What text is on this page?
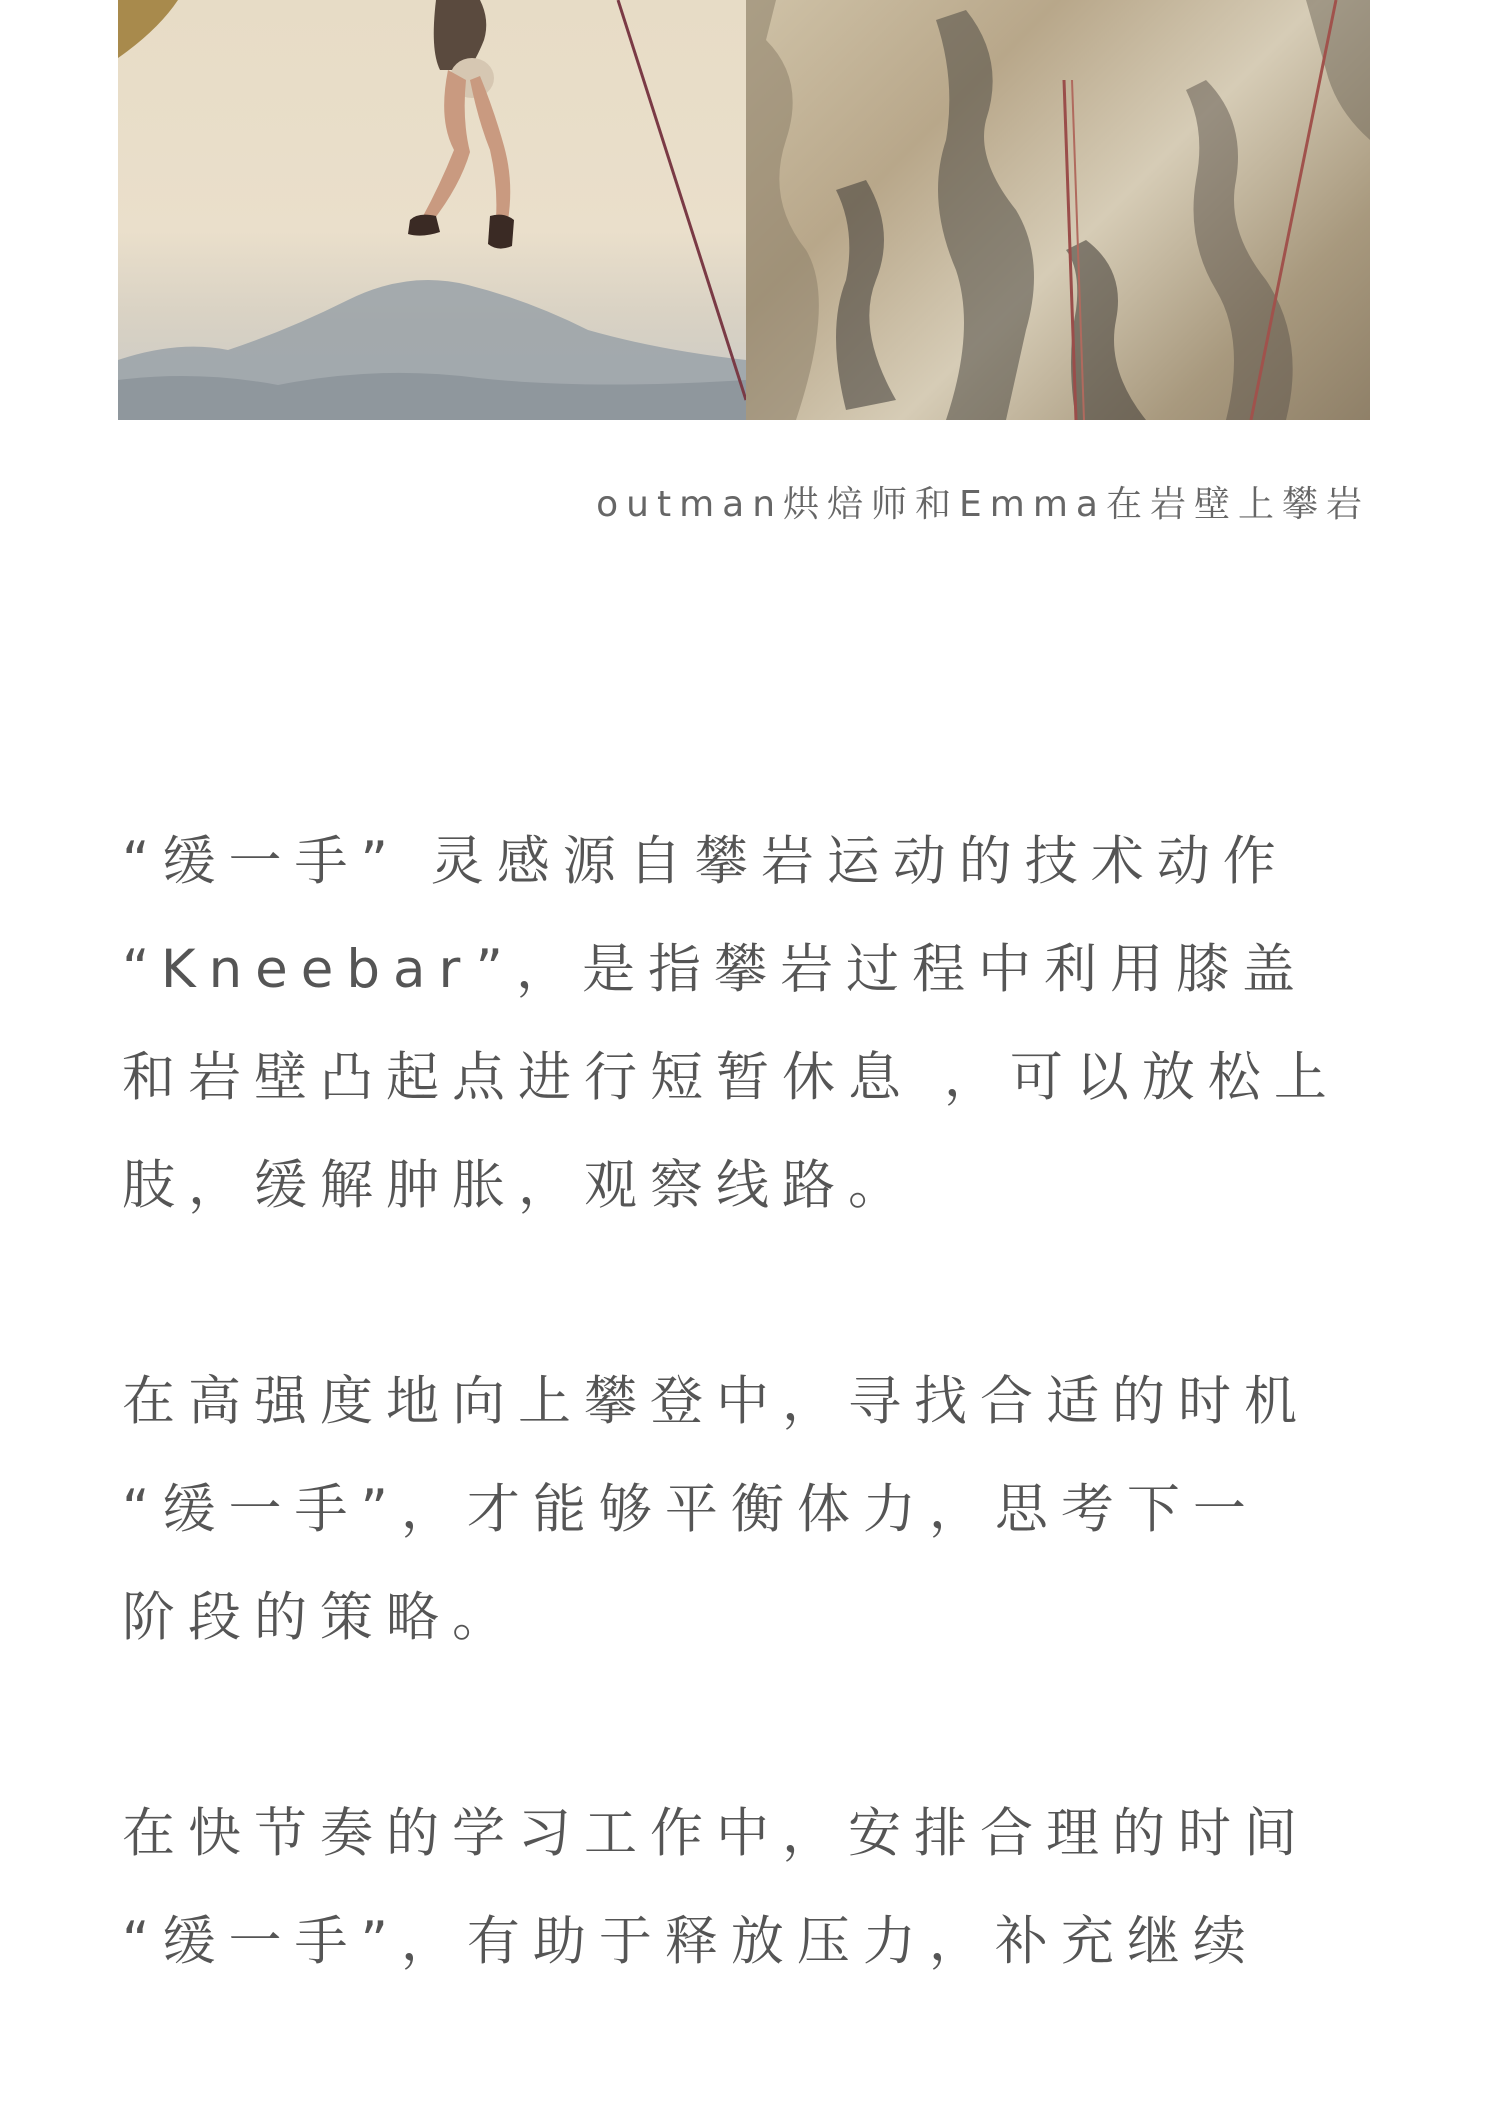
outman烘焙师和Emma在岩壁上攀岩

“缓一手” 灵感源自攀岩运动的技术动作
“Kneebar”，是指攀岩过程中利用膝盖
和岩壁凸起点进行短暂休息 ，可以放松上
肢，缓解肿胀，观察线路。

在高强度地向上攀登中，寻找合适的时机
“缓一手”，才能够平衡体力，思考下一
阶段的策略。

在快节奏的学习工作中，安排合理的时间
“缓一手”，有助于释放压力，补充继续
